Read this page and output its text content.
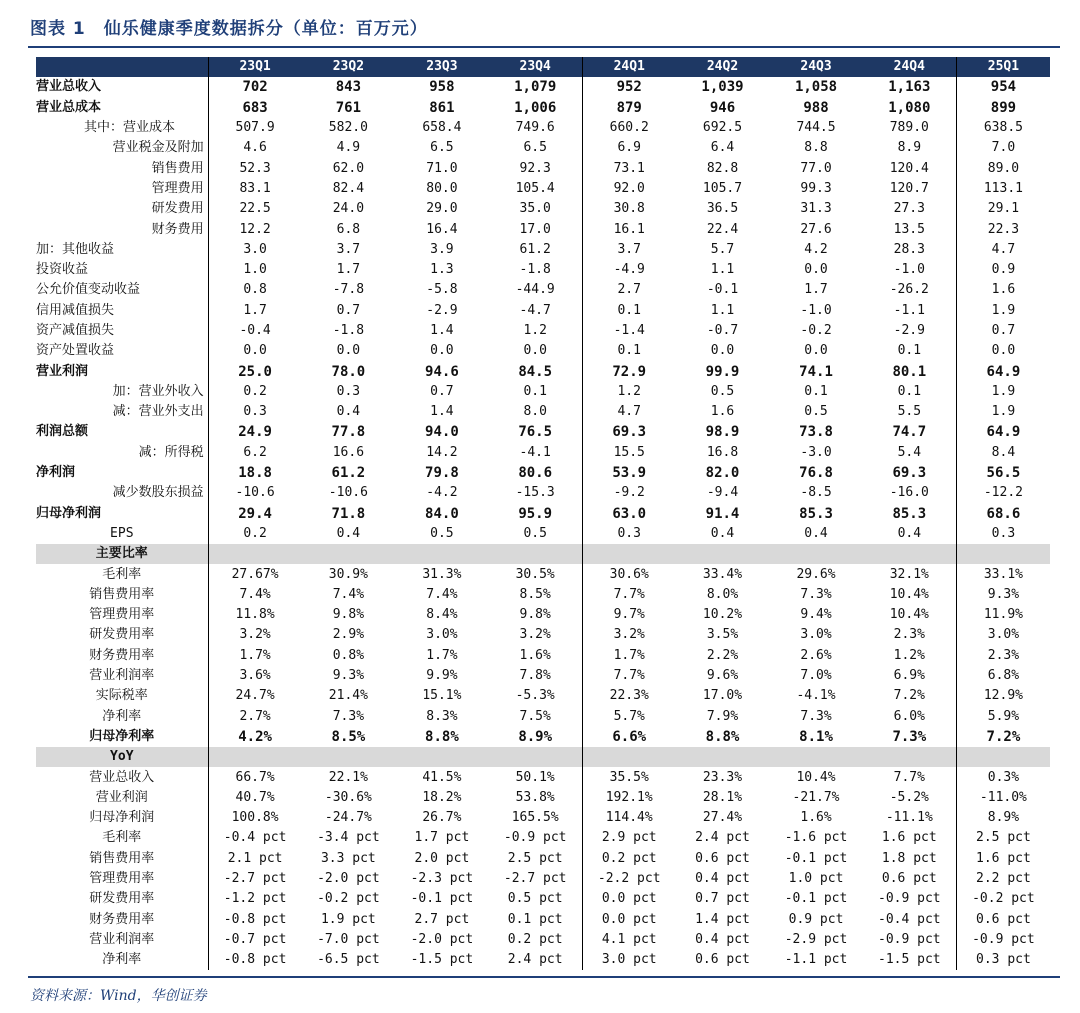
图表 1　仙乐健康季度数据拆分（单位：百万元）
	23Q1	23Q2	23Q3	23Q4	24Q1	24Q2	24Q3	24Q4	25Q1
营业总收入	702	843	958	1,079	952	1,039	1,058	1,163	954
营业总成本	683	761	861	1,006	879	946	988	1,080	899
其中：营业成本	507.9	582.0	658.4	749.6	660.2	692.5	744.5	789.0	638.5
营业税金及附加	4.6	4.9	6.5	6.5	6.9	6.4	8.8	8.9	7.0
销售费用	52.3	62.0	71.0	92.3	73.1	82.8	77.0	120.4	89.0
管理费用	83.1	82.4	80.0	105.4	92.0	105.7	99.3	120.7	113.1
研发费用	22.5	24.0	29.0	35.0	30.8	36.5	31.3	27.3	29.1
财务费用	12.2	6.8	16.4	17.0	16.1	22.4	27.6	13.5	22.3
加：其他收益	3.0	3.7	3.9	61.2	3.7	5.7	4.2	28.3	4.7
投资收益	1.0	1.7	1.3	-1.8	-4.9	1.1	0.0	-1.0	0.9
公允价值变动收益	0.8	-7.8	-5.8	-44.9	2.7	-0.1	1.7	-26.2	1.6
信用减值损失	1.7	0.7	-2.9	-4.7	0.1	1.1	-1.0	-1.1	1.9
资产减值损失	-0.4	-1.8	1.4	1.2	-1.4	-0.7	-0.2	-2.9	0.7
资产处置收益	0.0	0.0	0.0	0.0	0.1	0.0	0.0	0.1	0.0
营业利润	25.0	78.0	94.6	84.5	72.9	99.9	74.1	80.1	64.9
加：营业外收入	0.2	0.3	0.7	0.1	1.2	0.5	0.1	0.1	1.9
减：营业外支出	0.3	0.4	1.4	8.0	4.7	1.6	0.5	5.5	1.9
利润总额	24.9	77.8	94.0	76.5	69.3	98.9	73.8	74.7	64.9
减：所得税	6.2	16.6	14.2	-4.1	15.5	16.8	-3.0	5.4	8.4
净利润	18.8	61.2	79.8	80.6	53.9	82.0	76.8	69.3	56.5
减少数股东损益	-10.6	-10.6	-4.2	-15.3	-9.2	-9.4	-8.5	-16.0	-12.2
归母净利润	29.4	71.8	84.0	95.9	63.0	91.4	85.3	85.3	68.6
EPS	0.2	0.4	0.5	0.5	0.3	0.4	0.4	0.4	0.3
主要比率									
毛利率	27.67%	30.9%	31.3%	30.5%	30.6%	33.4%	29.6%	32.1%	33.1%
销售费用率	7.4%	7.4%	7.4%	8.5%	7.7%	8.0%	7.3%	10.4%	9.3%
管理费用率	11.8%	9.8%	8.4%	9.8%	9.7%	10.2%	9.4%	10.4%	11.9%
研发费用率	3.2%	2.9%	3.0%	3.2%	3.2%	3.5%	3.0%	2.3%	3.0%
财务费用率	1.7%	0.8%	1.7%	1.6%	1.7%	2.2%	2.6%	1.2%	2.3%
营业利润率	3.6%	9.3%	9.9%	7.8%	7.7%	9.6%	7.0%	6.9%	6.8%
实际税率	24.7%	21.4%	15.1%	-5.3%	22.3%	17.0%	-4.1%	7.2%	12.9%
净利率	2.7%	7.3%	8.3%	7.5%	5.7%	7.9%	7.3%	6.0%	5.9%
归母净利率	4.2%	8.5%	8.8%	8.9%	6.6%	8.8%	8.1%	7.3%	7.2%
YoY									
营业总收入	66.7%	22.1%	41.5%	50.1%	35.5%	23.3%	10.4%	7.7%	0.3%
营业利润	40.7%	-30.6%	18.2%	53.8%	192.1%	28.1%	-21.7%	-5.2%	-11.0%
归母净利润	100.8%	-24.7%	26.7%	165.5%	114.4%	27.4%	1.6%	-11.1%	8.9%
毛利率	-0.4 pct	-3.4 pct	1.7 pct	-0.9 pct	2.9 pct	2.4 pct	-1.6 pct	1.6 pct	2.5 pct
销售费用率	2.1 pct	3.3 pct	2.0 pct	2.5 pct	0.2 pct	0.6 pct	-0.1 pct	1.8 pct	1.6 pct
管理费用率	-2.7 pct	-2.0 pct	-2.3 pct	-2.7 pct	-2.2 pct	0.4 pct	1.0 pct	0.6 pct	2.2 pct
研发费用率	-1.2 pct	-0.2 pct	-0.1 pct	0.5 pct	0.0 pct	0.7 pct	-0.1 pct	-0.9 pct	-0.2 pct
财务费用率	-0.8 pct	1.9 pct	2.7 pct	0.1 pct	0.0 pct	1.4 pct	0.9 pct	-0.4 pct	0.6 pct
营业利润率	-0.7 pct	-7.0 pct	-2.0 pct	0.2 pct	4.1 pct	0.4 pct	-2.9 pct	-0.9 pct	-0.9 pct
净利率	-0.8 pct	-6.5 pct	-1.5 pct	2.4 pct	3.0 pct	0.6 pct	-1.1 pct	-1.5 pct	0.3 pct
资料来源：Wind，华创证券
